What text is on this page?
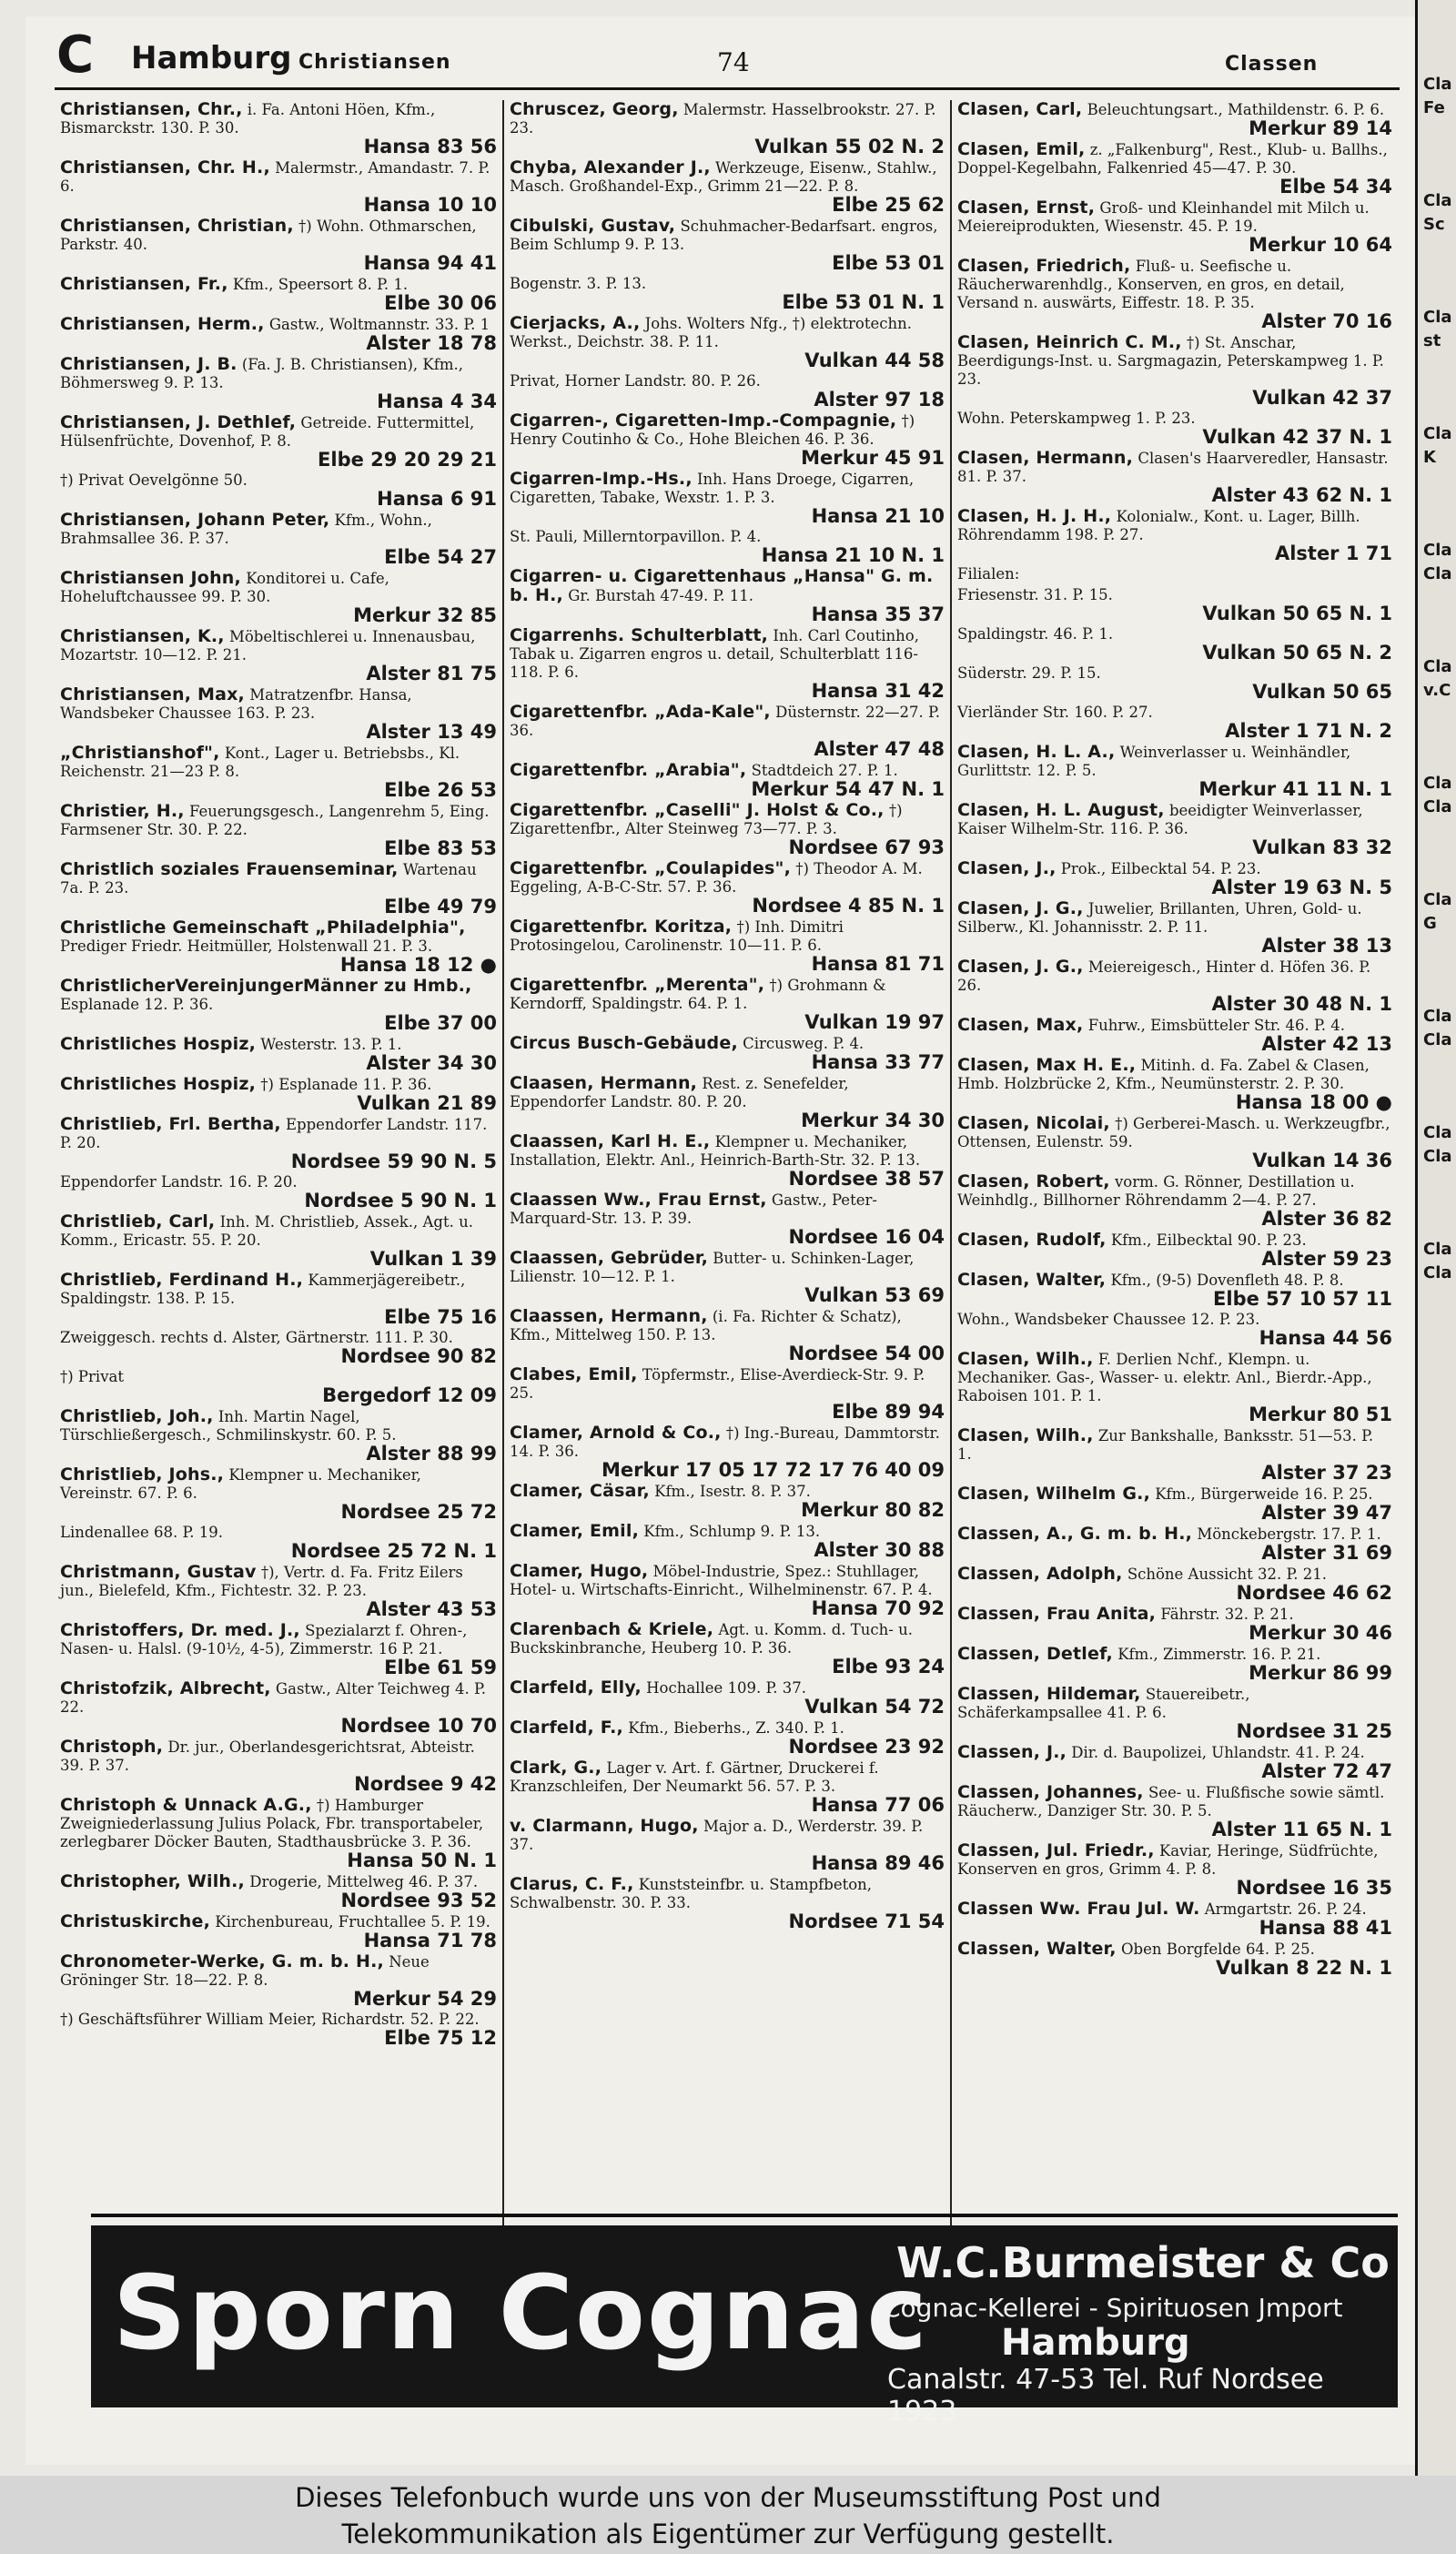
Cla
Fe
Cla
Sc
Cla
st
Cla
K
Cla
Cla
Cla
v.C
Cla
Cla
Cla
G
Cla
Cla
Cla
Cla
Cla
Cla
C Hamburg Christiansen	74	Classen
Christiansen, Chr., i. Fa. Antoni Höen, Kfm., Bismarckstr. 130. P. 30.
Hansa 83 56
Christiansen, Chr. H., Malermstr., Amandastr. 7. P. 6.
Hansa 10 10
Christiansen, Christian, †) Wohn. Othmarschen, Parkstr. 40.
Hansa 94 41
Christiansen, Fr., Kfm., Speersort 8. P. 1.
Elbe 30 06
Christiansen, Herm., Gastw., Woltmannstr. 33. P. 1
Alster 18 78
Christiansen, J. B. (Fa. J. B. Christiansen), Kfm., Böhmersweg 9. P. 13.
Hansa 4 34
Christiansen, J. Dethlef, Getreide. Futtermittel, Hülsenfrüchte, Dovenhof, P. 8.
Elbe 29 20 29 21
†) Privat Oevelgönne 50.
Hansa 6 91
Christiansen, Johann Peter, Kfm., Wohn., Brahmsallee 36. P. 37.
Elbe 54 27
Christiansen John, Konditorei u. Cafe, Hoheluftchaussee 99. P. 30.
Merkur 32 85
Christiansen, K., Möbeltischlerei u. Innenausbau, Mozartstr. 10—12. P. 21.
Alster 81 75
Christiansen, Max, Matratzenfbr. Hansa, Wandsbeker Chaussee 163. P. 23.
Alster 13 49
„Christianshof", Kont., Lager u. Betriebsbs., Kl. Reichenstr. 21—23 P. 8.
Elbe 26 53
Christier, H., Feuerungsgesch., Langenrehm 5, Eing. Farmsener Str. 30. P. 22.
Elbe 83 53
Christlich soziales Frauenseminar, Wartenau 7a. P. 23.
Elbe 49 79
Christliche Gemeinschaft „Philadelphia", Prediger Friedr. Heitmüller, Holstenwall 21. P. 3.
Hansa 18 12 ●
ChristlicherVereinjungerMänner zu Hmb., Esplanade 12. P. 36.
Elbe 37 00
Christliches Hospiz, Westerstr. 13. P. 1.
Alster 34 30
Christliches Hospiz, †) Esplanade 11. P. 36.
Vulkan 21 89
Christlieb, Frl. Bertha, Eppendorfer Landstr. 117. P. 20.
Nordsee 59 90 N. 5
Eppendorfer Landstr. 16. P. 20.
Nordsee 5 90 N. 1
Christlieb, Carl, Inh. M. Christlieb, Assek., Agt. u. Komm., Ericastr. 55. P. 20.
Vulkan 1 39
Christlieb, Ferdinand H., Kammerjägereibetr., Spaldingstr. 138. P. 15.
Elbe 75 16
Zweiggesch. rechts d. Alster, Gärtnerstr. 111. P. 30.
Nordsee 90 82
†) Privat
Bergedorf 12 09
Christlieb, Joh., Inh. Martin Nagel, Türschließergesch., Schmilinskystr. 60. P. 5.
Alster 88 99
Christlieb, Johs., Klempner u. Mechaniker, Vereinstr. 67. P. 6.
Nordsee 25 72
Lindenallee 68. P. 19.
Nordsee 25 72 N. 1
Christmann, Gustav †), Vertr. d. Fa. Fritz Eilers jun., Bielefeld, Kfm., Fichtestr. 32. P. 23.
Alster 43 53
Christoffers, Dr. med. J., Spezialarzt f. Ohren-, Nasen- u. Halsl. (9-10½, 4-5), Zimmerstr. 16 P. 21.
Elbe 61 59
Christofzik, Albrecht, Gastw., Alter Teichweg 4. P. 22.
Nordsee 10 70
Christoph, Dr. jur., Oberlandesgerichtsrat, Abteistr. 39. P. 37.
Nordsee 9 42
Christoph & Unnack A.G., †) Hamburger Zweigniederlassung Julius Polack, Fbr. transportabeler, zerlegbarer Döcker Bauten, Stadthausbrücke 3. P. 36.
Hansa 50 N. 1
Christopher, Wilh., Drogerie, Mittelweg 46. P. 37.
Nordsee 93 52
Christuskirche, Kirchenbureau, Fruchtallee 5. P. 19.
Hansa 71 78
Chronometer-Werke, G. m. b. H., Neue Gröninger Str. 18—22. P. 8.
Merkur 54 29
†) Geschäftsführer William Meier, Richardstr. 52. P. 22.
Elbe 75 12
Chruscez, Georg, Malermstr. Hasselbrookstr. 27. P. 23.
Vulkan 55 02 N. 2
Chyba, Alexander J., Werkzeuge, Eisenw., Stahlw., Masch. Großhandel-Exp., Grimm 21—22. P. 8.
Elbe 25 62
Cibulski, Gustav, Schuhmacher-Bedarfsart. engros, Beim Schlump 9. P. 13.
Elbe 53 01
Bogenstr. 3. P. 13.
Elbe 53 01 N. 1
Cierjacks, A., Johs. Wolters Nfg., †) elektrotechn. Werkst., Deichstr. 38. P. 11.
Vulkan 44 58
Privat, Horner Landstr. 80. P. 26.
Alster 97 18
Cigarren-, Cigaretten-Imp.-Compagnie, †) Henry Coutinho & Co., Hohe Bleichen 46. P. 36.
Merkur 45 91
Cigarren-Imp.-Hs., Inh. Hans Droege, Cigarren, Cigaretten, Tabake, Wexstr. 1. P. 3.
Hansa 21 10
St. Pauli, Millerntorpavillon. P. 4.
Hansa 21 10 N. 1
Cigarren- u. Cigarettenhaus „Hansa" G. m. b. H., Gr. Burstah 47-49. P. 11.
Hansa 35 37
Cigarrenhs. Schulterblatt, Inh. Carl Coutinho, Tabak u. Zigarren engros u. detail, Schulterblatt 116-118. P. 6.
Hansa 31 42
Cigarettenfbr. „Ada-Kale", Düsternstr. 22—27. P. 36.
Alster 47 48
Cigarettenfbr. „Arabia", Stadtdeich 27. P. 1.
Merkur 54 47 N. 1
Cigarettenfbr. „Caselli" J. Holst & Co., †) Zigarettenfbr., Alter Steinweg 73—77. P. 3.
Nordsee 67 93
Cigarettenfbr. „Coulapides", †) Theodor A. M. Eggeling, A-B-C-Str. 57. P. 36.
Nordsee 4 85 N. 1
Cigarettenfbr. Koritza, †) Inh. Dimitri Protosingelou, Carolinenstr. 10—11. P. 6.
Hansa 81 71
Cigarettenfbr. „Merenta", †) Grohmann & Kerndorff, Spaldingstr. 64. P. 1.
Vulkan 19 97
Circus Busch-Gebäude, Circusweg. P. 4.
Hansa 33 77
Claasen, Hermann, Rest. z. Senefelder, Eppendorfer Landstr. 80. P. 20.
Merkur 34 30
Claassen, Karl H. E., Klempner u. Mechaniker, Installation, Elektr. Anl., Heinrich-Barth-Str. 32. P. 13.
Nordsee 38 57
Claassen Ww., Frau Ernst, Gastw., Peter-Marquard-Str. 13. P. 39.
Nordsee 16 04
Claassen, Gebrüder, Butter- u. Schinken-Lager, Lilienstr. 10—12. P. 1.
Vulkan 53 69
Claassen, Hermann, (i. Fa. Richter & Schatz), Kfm., Mittelweg 150. P. 13.
Nordsee 54 00
Clabes, Emil, Töpfermstr., Elise-Averdieck-Str. 9. P. 25.
Elbe 89 94
Clamer, Arnold & Co., †) Ing.-Bureau, Dammtorstr. 14. P. 36.
Merkur 17 05 17 72 17 76 40 09
Clamer, Cäsar, Kfm., Isestr. 8. P. 37.
Merkur 80 82
Clamer, Emil, Kfm., Schlump 9. P. 13.
Alster 30 88
Clamer, Hugo, Möbel-Industrie, Spez.: Stuhllager, Hotel- u. Wirtschafts-Einricht., Wilhelminenstr. 67. P. 4.
Hansa 70 92
Clarenbach & Kriele, Agt. u. Komm. d. Tuch- u. Buckskinbranche, Heuberg 10. P. 36.
Elbe 93 24
Clarfeld, Elly, Hochallee 109. P. 37.
Vulkan 54 72
Clarfeld, F., Kfm., Bieberhs., Z. 340. P. 1.
Nordsee 23 92
Clark, G., Lager v. Art. f. Gärtner, Druckerei f. Kranzschleifen, Der Neumarkt 56. 57. P. 3.
Hansa 77 06
v. Clarmann, Hugo, Major a. D., Werderstr. 39. P. 37.
Hansa 89 46
Clarus, C. F., Kunststeinfbr. u. Stampfbeton, Schwalbenstr. 30. P. 33.
Nordsee 71 54
Clasen, Carl, Beleuchtungsart., Mathildenstr. 6. P. 6.
Merkur 89 14
Clasen, Emil, z. „Falkenburg", Rest., Klub- u. Ballhs., Doppel-Kegelbahn, Falkenried 45—47. P. 30.
Elbe 54 34
Clasen, Ernst, Groß- und Kleinhandel mit Milch u. Meiereiprodukten, Wiesenstr. 45. P. 19.
Merkur 10 64
Clasen, Friedrich, Fluß- u. Seefische u. Räucherwarenhdlg., Konserven, en gros, en detail, Versand n. auswärts, Eiffestr. 18. P. 35.
Alster 70 16
Clasen, Heinrich C. M., †) St. Anschar, Beerdigungs-Inst. u. Sargmagazin, Peterskampweg 1. P. 23.
Vulkan 42 37
Wohn. Peterskampweg 1. P. 23.
Vulkan 42 37 N. 1
Clasen, Hermann, Clasen's Haarveredler, Hansastr. 81. P. 37.
Alster 43 62 N. 1
Clasen, H. J. H., Kolonialw., Kont. u. Lager, Billh. Röhrendamm 198. P. 27.
Alster 1 71
Filialen:
Friesenstr. 31. P. 15.
Vulkan 50 65 N. 1
Spaldingstr. 46. P. 1.
Vulkan 50 65 N. 2
Süderstr. 29. P. 15.
Vulkan 50 65
Vierländer Str. 160. P. 27.
Alster 1 71 N. 2
Clasen, H. L. A., Weinverlasser u. Weinhändler, Gurlittstr. 12. P. 5.
Merkur 41 11 N. 1
Clasen, H. L. August, beeidigter Weinverlasser, Kaiser Wilhelm-Str. 116. P. 36.
Vulkan 83 32
Clasen, J., Prok., Eilbecktal 54. P. 23.
Alster 19 63 N. 5
Clasen, J. G., Juwelier, Brillanten, Uhren, Gold- u. Silberw., Kl. Johannisstr. 2. P. 11.
Alster 38 13
Clasen, J. G., Meiereigesch., Hinter d. Höfen 36. P. 26.
Alster 30 48 N. 1
Clasen, Max, Fuhrw., Eimsbütteler Str. 46. P. 4.
Alster 42 13
Clasen, Max H. E., Mitinh. d. Fa. Zabel & Clasen, Hmb. Holzbrücke 2, Kfm., Neumünsterstr. 2. P. 30.
Hansa 18 00 ●
Clasen, Nicolai, †) Gerberei-Masch. u. Werkzeugfbr., Ottensen, Eulenstr. 59.
Vulkan 14 36
Clasen, Robert, vorm. G. Rönner, Destillation u. Weinhdlg., Billhorner Röhrendamm 2—4. P. 27.
Alster 36 82
Clasen, Rudolf, Kfm., Eilbecktal 90. P. 23.
Alster 59 23
Clasen, Walter, Kfm., (9-5) Dovenfleth 48. P. 8.
Elbe 57 10 57 11
Wohn., Wandsbeker Chaussee 12. P. 23.
Hansa 44 56
Clasen, Wilh., F. Derlien Nchf., Klempn. u. Mechaniker. Gas-, Wasser- u. elektr. Anl., Bierdr.-App., Raboisen 101. P. 1.
Merkur 80 51
Clasen, Wilh., Zur Bankshalle, Banksstr. 51—53. P. 1.
Alster 37 23
Clasen, Wilhelm G., Kfm., Bürgerweide 16. P. 25.
Alster 39 47
Classen, A., G. m. b. H., Mönckebergstr. 17. P. 1.
Alster 31 69
Classen, Adolph, Schöne Aussicht 32. P. 21.
Nordsee 46 62
Classen, Frau Anita, Fährstr. 32. P. 21.
Merkur 30 46
Classen, Detlef, Kfm., Zimmerstr. 16. P. 21.
Merkur 86 99
Classen, Hildemar, Stauereibetr., Schäferkampsallee 41. P. 6.
Nordsee 31 25
Classen, J., Dir. d. Baupolizei, Uhlandstr. 41. P. 24.
Alster 72 47
Classen, Johannes, See- u. Flußfische sowie sämtl. Räucherw., Danziger Str. 30. P. 5.
Alster 11 65 N. 1
Classen, Jul. Friedr., Kaviar, Heringe, Südfrüchte, Konserven en gros, Grimm 4. P. 8.
Nordsee 16 35
Classen Ww. Frau Jul. W. Armgartstr. 26. P. 24.
Hansa 88 41
Classen, Walter, Oben Borgfelde 64. P. 25.
Vulkan 8 22 N. 1
Sporn Cognac
W.C.Burmeister & Co
Cognac-Kellerei - Spirituosen Jmport
Hamburg
Canalstr. 47-53 Tel. Ruf Nordsee 1923
Dieses Telefonbuch wurde uns von der Museumsstiftung Post und
Telekommunikation als Eigentümer zur Verfügung gestellt.
